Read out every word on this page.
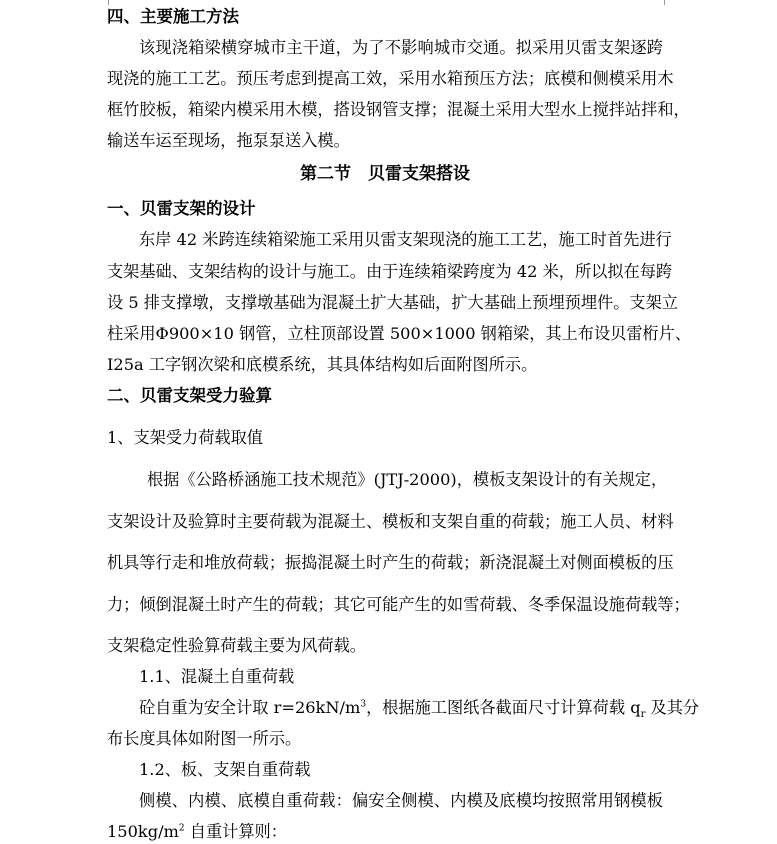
四、主要施工方法
该现浇箱梁横穿城市主干道，为了不影响城市交通。拟采用贝雷支架逐跨
现浇的施工工艺。预压考虑到提高工效，采用水箱预压方法；底模和侧模采用木
框竹胶板，箱梁内模采用木模，搭设钢管支撑；混凝土采用大型水上搅拌站拌和，
输送车运至现场，拖泵泵送入模。
第二节　贝雷支架搭设
一、贝雷支架的设计
东岸 42 米跨连续箱梁施工采用贝雷支架现浇的施工工艺，施工时首先进行
支架基础、支架结构的设计与施工。由于连续箱梁跨度为 42 米，所以拟在每跨
设 5 排支撑墩，支撑墩基础为混凝土扩大基础，扩大基础上预埋预埋件。支架立
柱采用Φ900×10 钢管，立柱顶部设置 500×1000 钢箱梁，其上布设贝雷桁片、
I25a 工字钢次梁和底模系统，其具体结构如后面附图所示。
二、贝雷支架受力验算
1、支架受力荷载取值
根据《公路桥涵施工技术规范》(JTJ-2000)，模板支架设计的有关规定，
支架设计及验算时主要荷载为混凝土、模板和支架自重的荷载；施工人员、材料
机具等行走和堆放荷载；振捣混凝土时产生的荷载；新浇混凝土对侧面模板的压
力；倾倒混凝土时产生的荷载；其它可能产生的如雪荷载、冬季保温设施荷载等；
支架稳定性验算荷载主要为风荷载。
1.1、混凝土自重荷载
砼自重为安全计取 $r=26kN/m^3$，根据施工图纸各截面尺寸计算荷载 $q_r$ 及其分
布长度具体如附图一所示。
1.2、板、支架自重荷载
侧模、内模、底模自重荷载：偏安全侧模、内模及底模均按照常用钢模板
$150kg/m^2$ 自重计算则：
